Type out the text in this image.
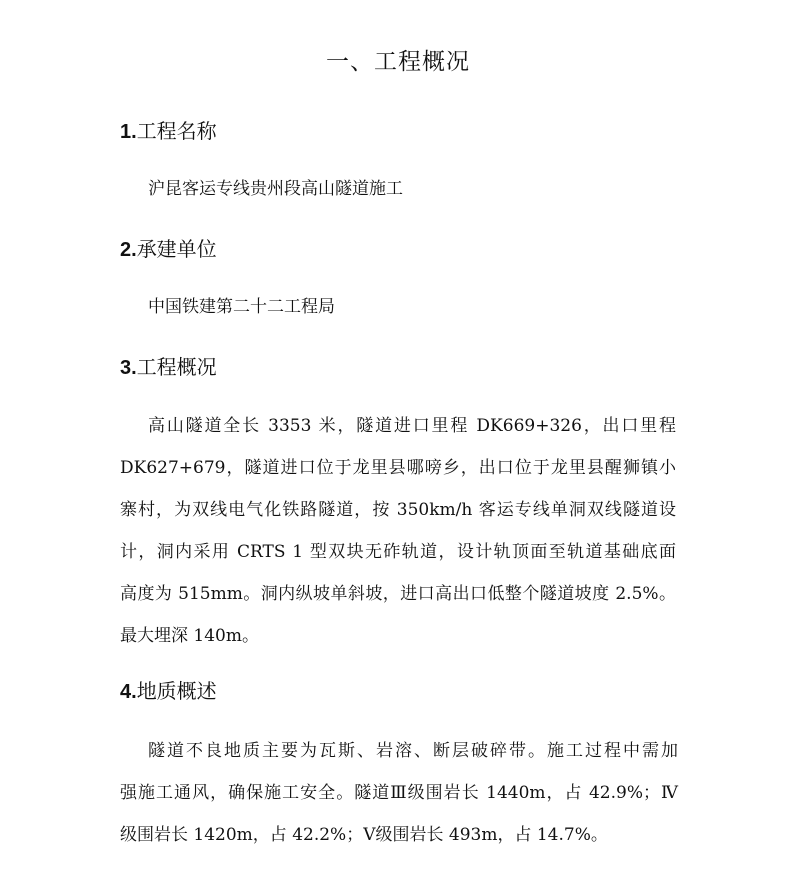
一、工程概况
1.工程名称
沪昆客运专线贵州段高山隧道施工
2.承建单位
中国铁建第二十二工程局
3.工程概况
高山隧道全长 3353 米，隧道进口里程 DK669+326，出口里程
DK627+679，隧道进口位于龙里县哪嗙乡，出口位于龙里县醒狮镇小
寨村，为双线电气化铁路隧道，按 350km/h 客运专线单洞双线隧道设
计，洞内采用 CRTS 1 型双块无砟轨道，设计轨顶面至轨道基础底面
高度为 515mm。洞内纵坡单斜坡，进口高出口低整个隧道坡度 2.5%。
最大埋深 140m。
4.地质概述
隧道不良地质主要为瓦斯、岩溶、断层破碎带。施工过程中需加
强施工通风，确保施工安全。隧道Ⅲ级围岩长 1440m，占 42.9%；Ⅳ
级围岩长 1420m，占 42.2%；Ⅴ级围岩长 493m，占 14.7%。
